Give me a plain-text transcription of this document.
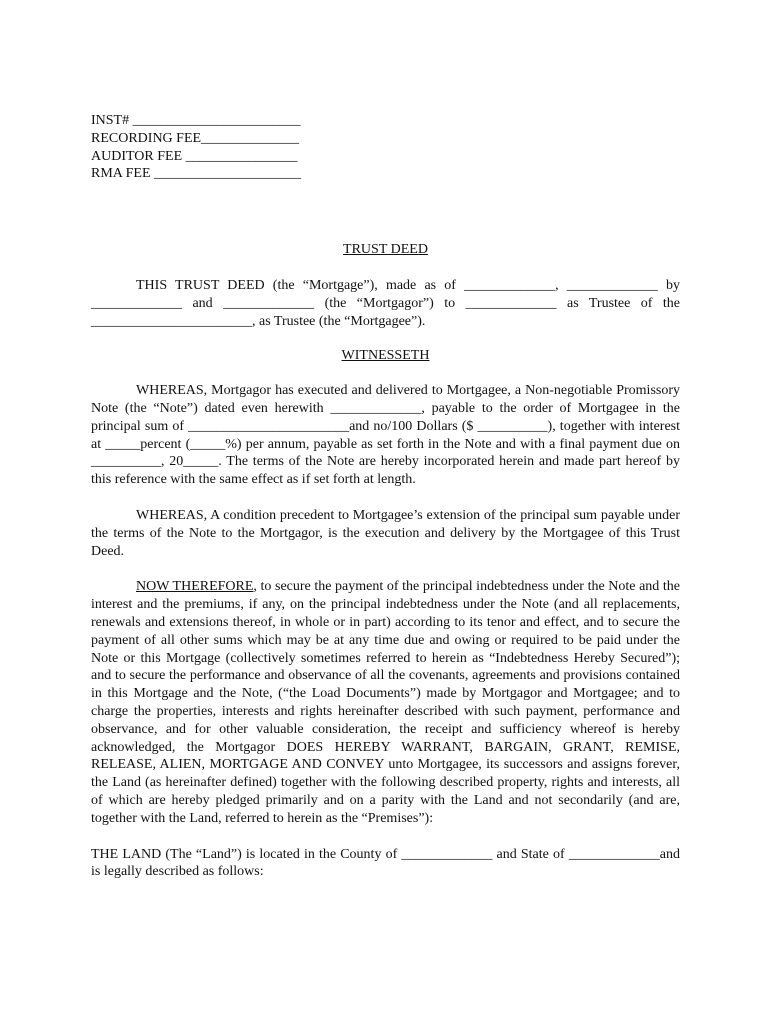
INST# ________________________
RECORDING FEE______________
AUDITOR FEE ________________
RMA FEE _____________________
TRUST DEED

THIS TRUST DEED (the “Mortgage”), made as of _____________, _____________ by _____________ and _____________ (the “Mortgagor”) to _____________ as Trustee of the _______________________, as Trustee (the “Mortgagee”).

WITNESSETH

WHEREAS, Mortgagor has executed and delivered to Mortgagee, a Non-negotiable Promissory Note (the “Note”) dated even herewith _____________, payable to the order of Mortgagee in the principal sum of _______________________and no/100 Dollars ($ __________), together with interest at _____percent (_____%) per annum, payable as set forth in the Note and with a final payment due on __________, 20_____. The terms of the Note are hereby incorporated herein and made part hereof by this reference with the same effect as if set forth at length.

WHEREAS, A condition precedent to Mortgagee’s extension of the principal sum payable under the terms of the Note to the Mortgagor, is the execution and delivery by the Mortgagee of this Trust Deed.

NOW THEREFORE, to secure the payment of the principal indebtedness under the Note and the interest and the premiums, if any, on the principal indebtedness under the Note (and all replacements, renewals and extensions thereof, in whole or in part) according to its tenor and effect, and to secure the payment of all other sums which may be at any time due and owing or required to be paid under the Note or this Mortgage (collectively sometimes referred to herein as “Indebtedness Hereby Secured”); and to secure the performance and observance of all the covenants, agreements and provisions contained in this Mortgage and the Note, (“the Load Documents”) made by Mortgagor and Mortgagee; and to charge the properties, interests and rights hereinafter described with such payment, performance and observance, and for other valuable consideration, the receipt and sufficiency whereof is hereby acknowledged, the Mortgagor DOES HEREBY WARRANT, BARGAIN, GRANT, REMISE, RELEASE, ALIEN, MORTGAGE AND CONVEY unto Mortgagee, its successors and assigns forever, the Land (as hereinafter defined) together with the following described property, rights and interests, all of which are hereby pledged primarily and on a parity with the Land and not secondarily (and are, together with the Land, referred to herein as the “Premises”):

THE LAND (The “Land”) is located in the County of _____________ and State of _____________and is legally described as follows:
